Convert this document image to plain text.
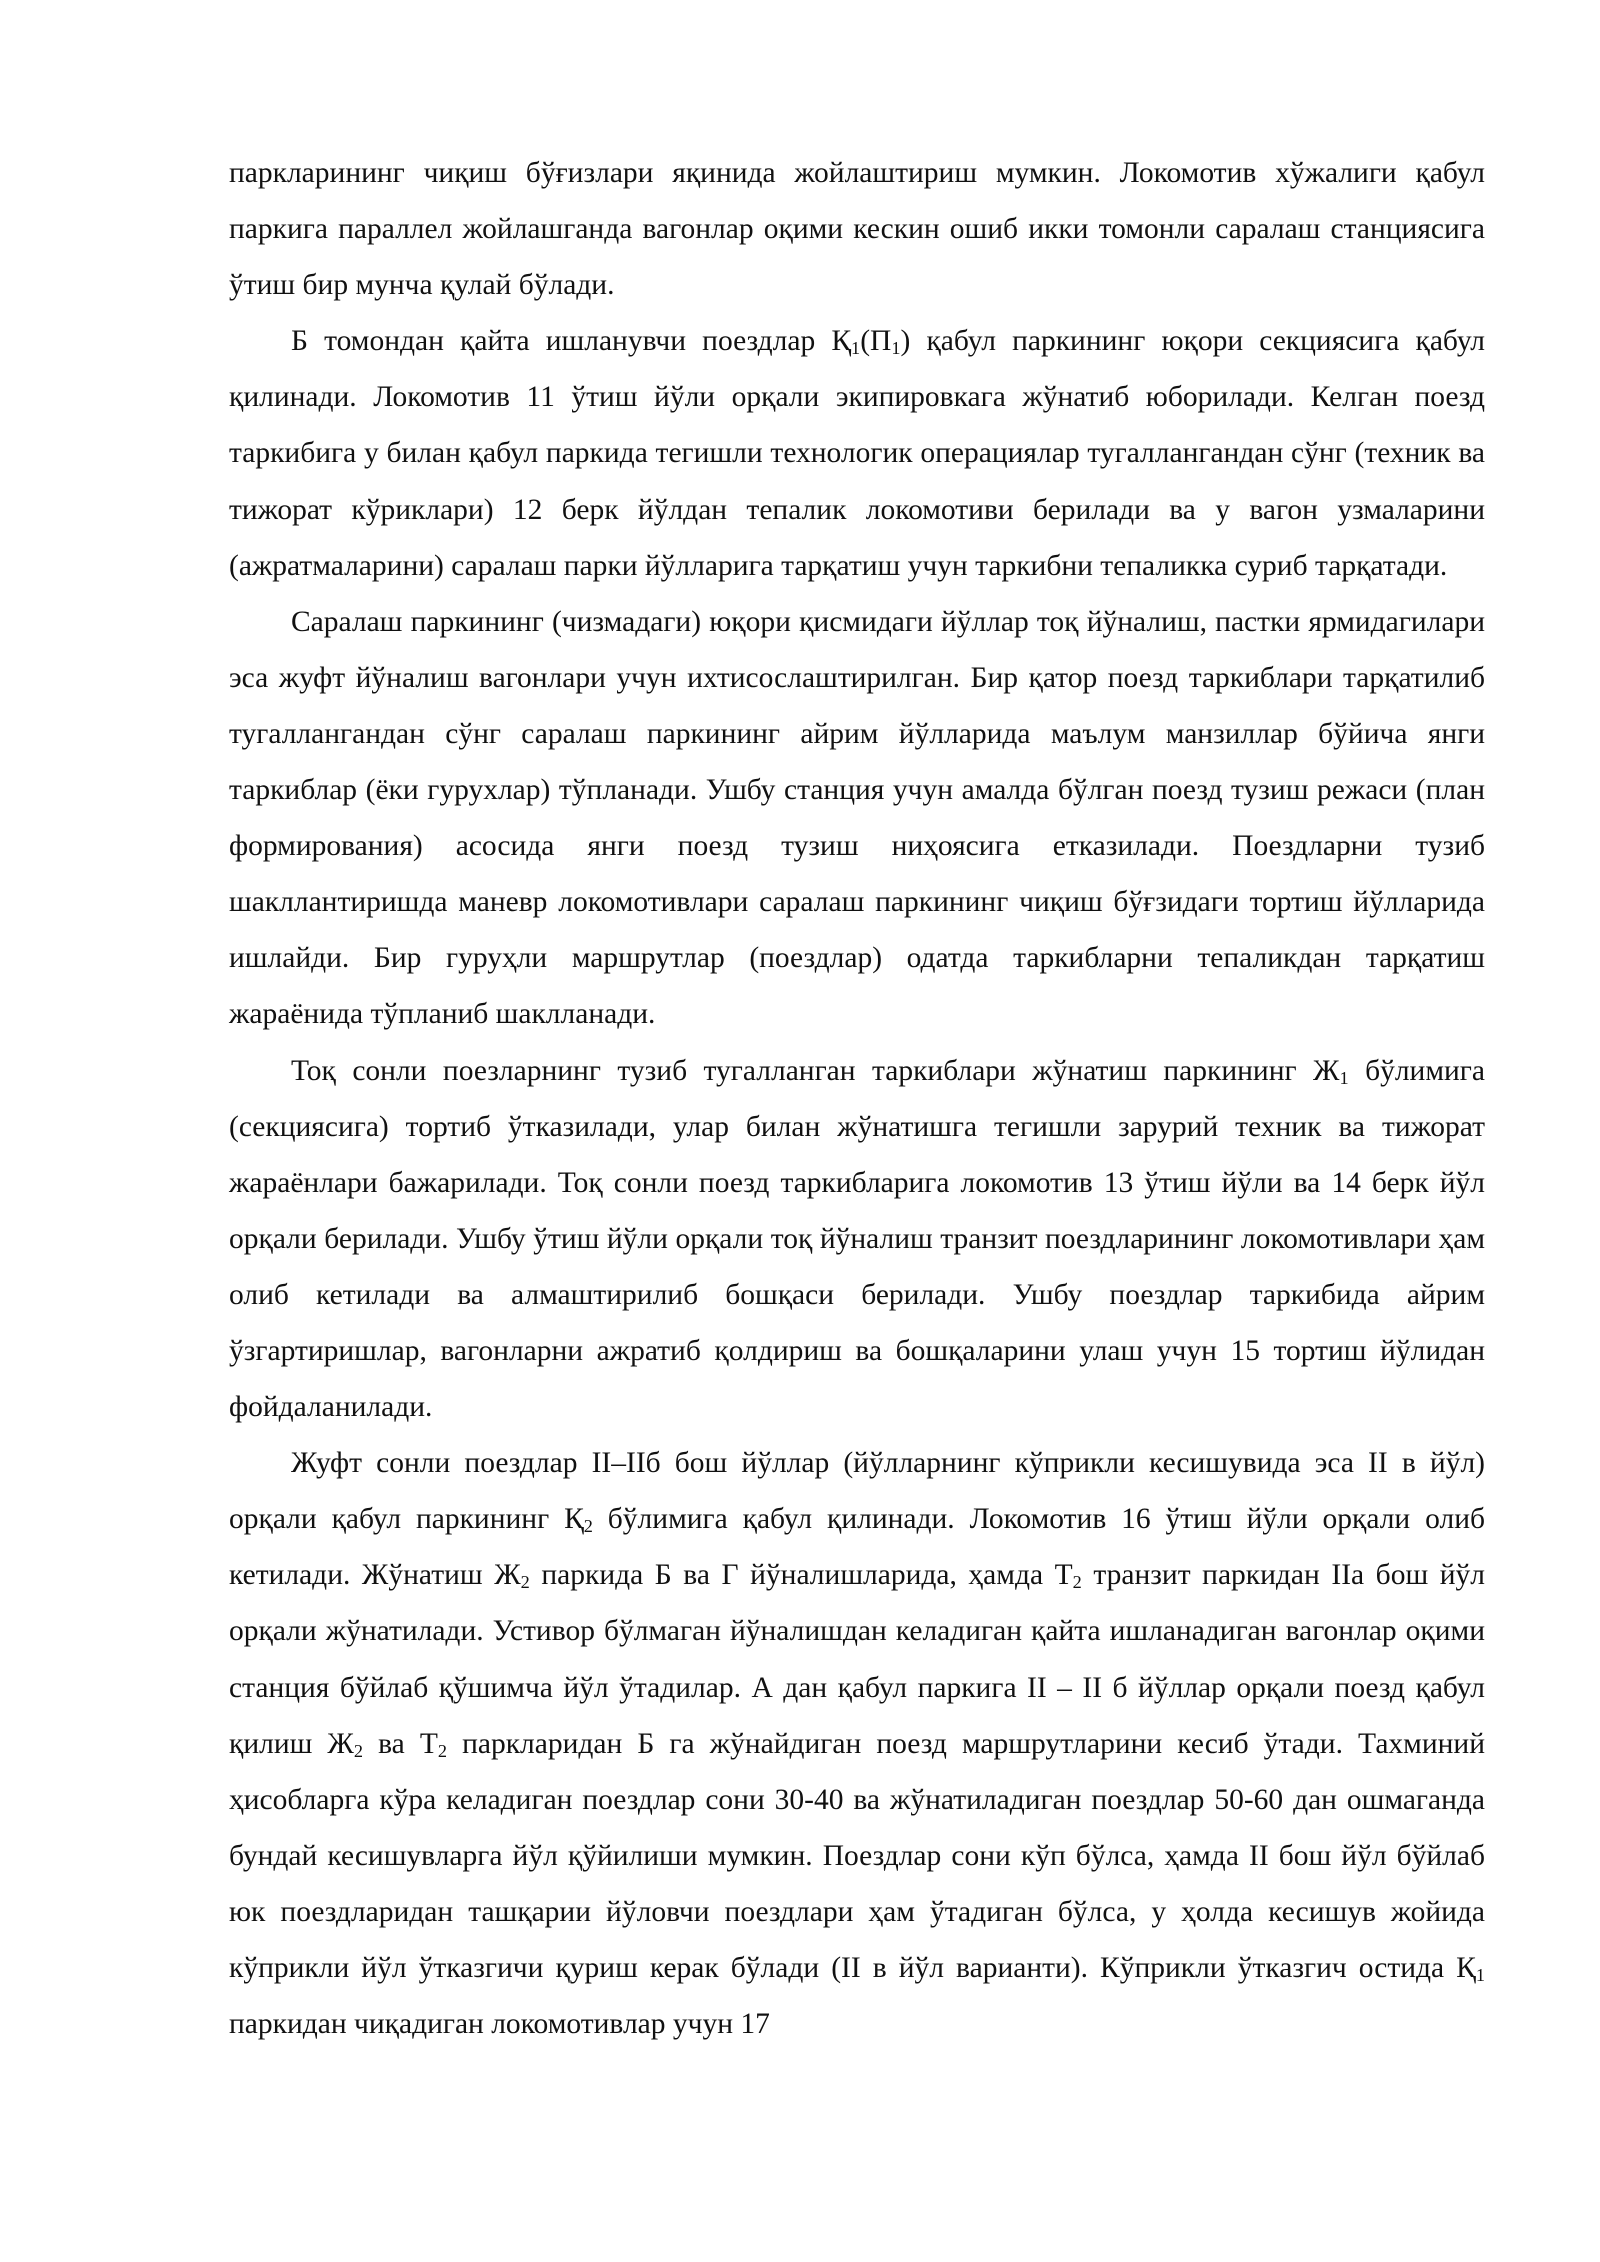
паркларининг чиқиш бўғизлари яқинида жойлаштириш мумкин. Локомотив хўжалиги қабул паркига параллел жойлашганда вагонлар оқими кескин ошиб икки томонли саралаш станциясига ўтиш бир мунча қулай бўлади.

Б томондан қайта ишланувчи поездлар $Қ_1(П_1)$ қабул паркининг юқори секциясига қабул қилинади. Локомотив 11 ўтиш йўли орқали экипировкага жўнатиб юборилади. Келган поезд таркибига у билан қабул паркида тегишли технологик операциялар тугаллангандан сўнг (техник ва тижорат кўриклари) 12 берк йўлдан тепалик локомотиви берилади ва у вагон узмаларини (ажратмаларини) саралаш парки йўлларига тарқатиш учун таркибни тепаликка суриб тарқатади.

Саралаш паркининг (чизмадаги) юқори қисмидаги йўллар тоқ йўналиш, пастки ярмидагилари эса жуфт йўналиш вагонлари учун ихтисослаштирилган. Бир қатор поезд таркиблари тарқатилиб тугаллангандан сўнг саралаш паркининг айрим йўлларида маълум манзиллар бўйича янги таркиблар (ёки гурухлар) тўпланади. Ушбу станция учун амалда бўлган поезд тузиш режаси (план формирования) асосида янги поезд тузиш ниҳоясига етказилади. Поездларни тузиб шакллантиришда маневр локомотивлари саралаш паркининг чиқиш бўғзидаги тортиш йўлларида ишлайди. Бир гуруҳли маршрутлар (поездлар) одатда таркибларни тепаликдан тарқатиш жараёнида тўпланиб шаклланади.

Тоқ сонли поезларнинг тузиб тугалланган таркиблари жўнатиш паркининг $Ж_1$ бўлимига (секциясига) тортиб ўтказилади, улар билан жўнатишга тегишли зарурий техник ва тижорат жараёнлари бажарилади. Тоқ сонли поезд таркибларига локомотив 13 ўтиш йўли ва 14 берк йўл орқали берилади. Ушбу ўтиш йўли орқали тоқ йўналиш транзит поездларининг локомотивлари ҳам олиб кетилади ва алмаштирилиб бошқаси берилади. Ушбу поездлар таркибида айрим ўзгартиришлар, вагонларни ажратиб қолдириш ва бошқаларини улаш учун 15 тортиш йўлидан фойдаланилади.

Жуфт сонли поездлар II–IIб бош йўллар (йўлларнинг кўприкли кесишувида эса II в йўл) орқали қабул паркининг $Қ_2$ бўлимига қабул қилинади. Локомотив 16 ўтиш йўли орқали олиб кетилади. Жўнатиш $Ж_2$ паркида Б ва Г йўналишларида, ҳамда $Т_2$ транзит паркидан IIа бош йўл орқали жўнатилади. Устивор бўлмаган йўналишдан келадиган қайта ишланадиган вагонлар оқими станция бўйлаб қўшимча йўл ўтадилар. А дан қабул паркига II – II б йўллар орқали поезд қабул қилиш $Ж_2$ ва $Т_2$ паркларидан Б га жўнайдиган поезд маршрутларини кесиб ўтади. Тахминий ҳисобларга кўра келадиган поездлар сони 30-40 ва жўнатиладиган поездлар 50-60 дан ошмаганда бундай кесишувларга йўл қўйилиши мумкин. Поездлар сони кўп бўлса, ҳамда II бош йўл бўйлаб юк поездларидан ташқарии йўловчи поездлари ҳам ўтадиган бўлса, у ҳолда кесишув жойида кўприкли йўл ўтказгичи қуриш керак бўлади (II в йўл варианти). Кўприкли ўтказгич остида $Қ_1$ паркидан чиқадиган локомотивлар учун 17
